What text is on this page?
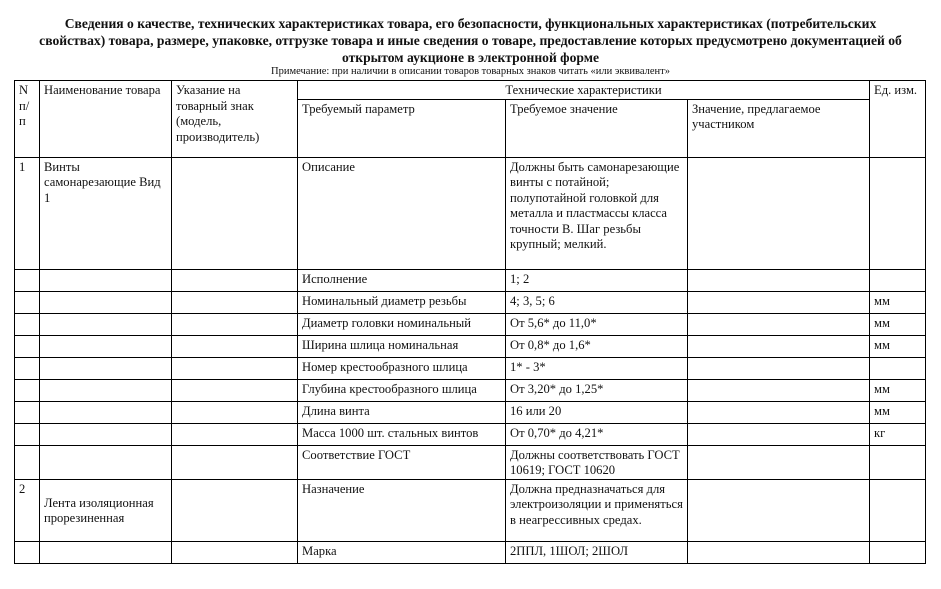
Сведения о качестве, технических характеристиках товара, его безопасности, функциональных характеристиках (потребительских
свойствах) товара, размере, упаковке, отгрузке товара и иные сведения о товаре, предоставление которых предусмотрено документацией об
открытом аукционе в электронной форме
Примечание: при наличии в описании товаров товарных знаков читать «или эквивалент»
N п/п	Наименование товара	Указание на товарный знак (модель, производитель)	Технические характеристики			Ед. изм.
			Требуемый параметр	Требуемое значение	Значение, предлагаемое участником	
1	Винты самонарезающие Вид 1		Описание	Должны быть самонарезающие винты с потайной; полупотайной головкой для металла и пластмассы класса точности В. Шаг резьбы крупный; мелкий.		
			Исполнение	1; 2		
			Номинальный диаметр резьбы	4; 3, 5; 6		мм
			Диаметр головки номинальный	От 5,6* до 11,0*		мм
			Ширина шлица номинальная	От 0,8* до 1,6*		мм
			Номер крестообразного шлица	1* - 3*		
			Глубина крестообразного шлица	От 3,20* до 1,25*		мм
			Длина винта	16 или 20		мм
			Масса 1000 шт. стальных винтов	От 0,70* до 4,21*		кг
			Соответствие ГОСТ	Должны соответствовать ГОСТ 10619; ГОСТ 10620		
2	Лента изоляционная прорезиненная		Назначение	Должна предназначаться для электроизоляции и применяться в неагрессивных средах.		
			Марка	2ППЛ, 1ШОЛ; 2ШОЛ		
